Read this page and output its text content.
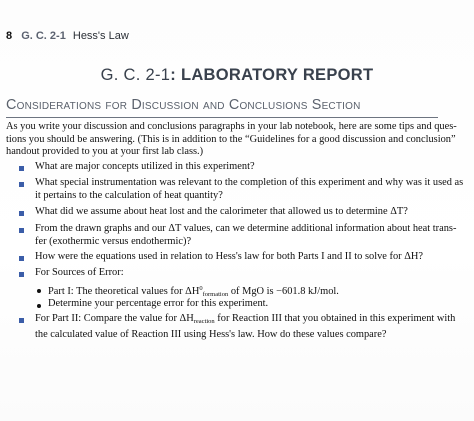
8 G. C. 2-1 Hess's Law
G. C. 2-1: LABORATORY REPORT
Considerations for Discussion and Conclusions Section
As you write your discussion and conclusions paragraphs in your lab notebook, here are some tips and ques-
tions you should be answering. (This is in addition to the “Guidelines for a good discussion and conclusion”
handout provided to you at your first lab class.)
What are major concepts utilized in this experiment?
What special instrumentation was relevant to the completion of this experiment and why was it used as
it pertains to the calculation of heat quantity?
What did we assume about heat lost and the calorimeter that allowed us to determine ΔT?
From the drawn graphs and our ΔT values, can we determine additional information about heat trans-
fer (exothermic versus endothermic)?
How were the equations used in relation to Hess's law for both Parts I and II to solve for ΔH?
For Sources of Error:
Part I: The theoretical values for $\Delta H^0_{formation}$ of MgO is −601.8 kJ/mol.
Determine your percentage error for this experiment.
For Part II: Compare the value for $\Delta H_{reaction}$ for Reaction III that you obtained in this experiment with
the calculated value of Reaction III using Hess's law. How do these values compare?
